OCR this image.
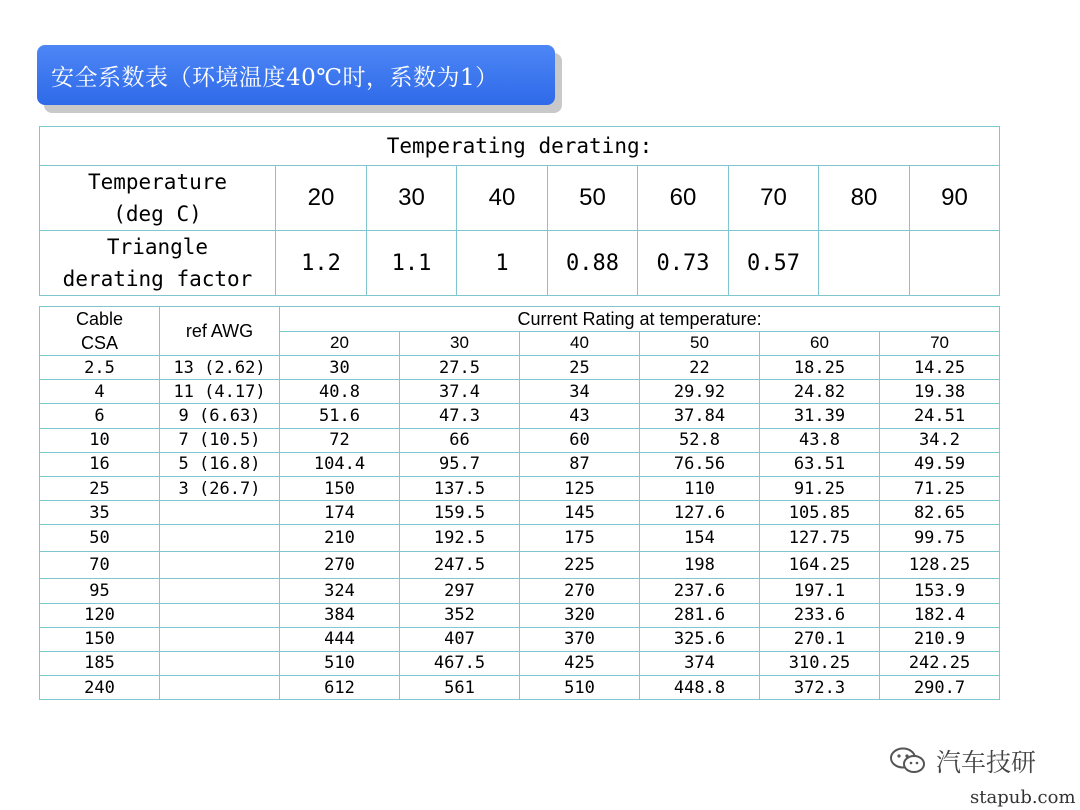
安全系数表（环境温度40℃时，系数为1）
Temperating derating:								
Temperature
(deg C)	20	30	40	50	60	70	80	90
Triangle
derating factor	1.2	1.1	1	0.88	0.73	0.57		
Cable
CSA	ref AWG	Current Rating at temperature:					
		20	30	40	50	60	70
2.5	13 (2.62)	30	27.5	25	22	18.25	14.25
4	11 (4.17)	40.8	37.4	34	29.92	24.82	19.38
6	9 (6.63)	51.6	47.3	43	37.84	31.39	24.51
10	7 (10.5)	72	66	60	52.8	43.8	34.2
16	5 (16.8)	104.4	95.7	87	76.56	63.51	49.59
25	3 (26.7)	150	137.5	125	110	91.25	71.25
35		174	159.5	145	127.6	105.85	82.65
50		210	192.5	175	154	127.75	99.75
70		270	247.5	225	198	164.25	128.25
95		324	297	270	237.6	197.1	153.9
120		384	352	320	281.6	233.6	182.4
150		444	407	370	325.6	270.1	210.9
185		510	467.5	425	374	310.25	242.25
240		612	561	510	448.8	372.3	290.7
汽车技研
stapub.com
